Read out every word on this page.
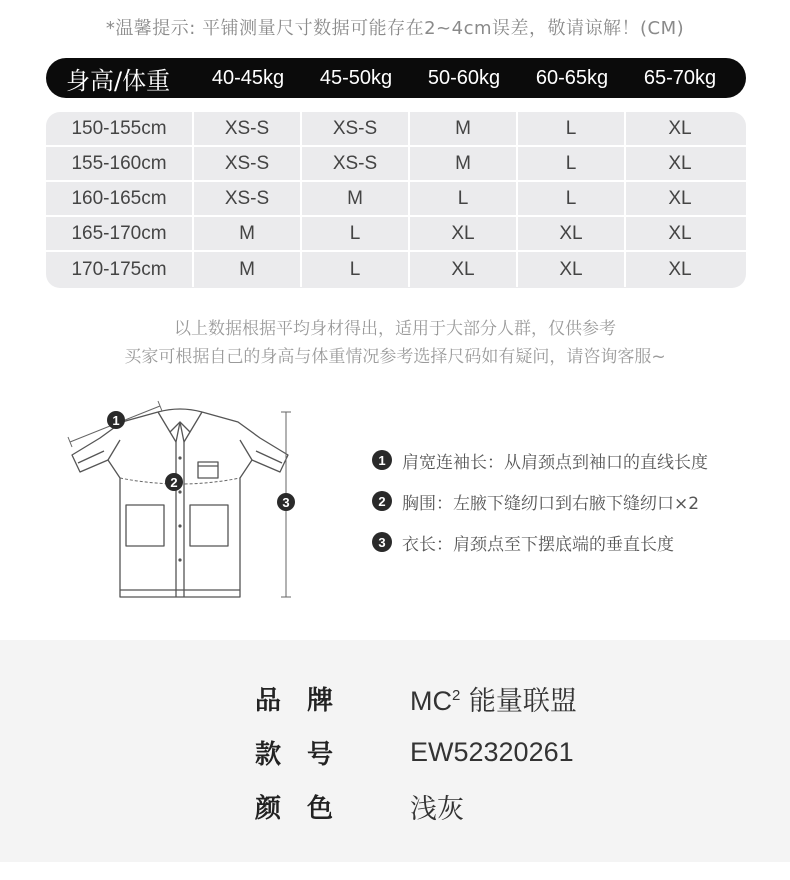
*温馨提示: 平铺测量尺寸数据可能存在2~4cm误差，敬请谅解！(CM)
身高/体重	40-45kg	45-50kg	50-60kg	60-65kg	65-70kg
150-155cm	XS-S	XS-S	M	L	XL
155-160cm	XS-S	XS-S	M	L	XL
160-165cm	XS-S	M	L	L	XL
165-170cm	M	L	XL	XL	XL
170-175cm	M	L	XL	XL	XL
以上数据根据平均身材得出，适用于大部分人群，仅供参考
买家可根据自己的身高与体重情况参考选择尺码如有疑问，请咨询客服~
1
2
3
1 肩宽连袖长：从肩颈点到袖口的直线长度
2 胸围：左腋下缝纫口到右腋下缝纫口×2
3 衣长：肩颈点至下摆底端的垂直长度
品牌 $MC^2$ 能量联盟
款号 EW52320261
颜色 浅灰
